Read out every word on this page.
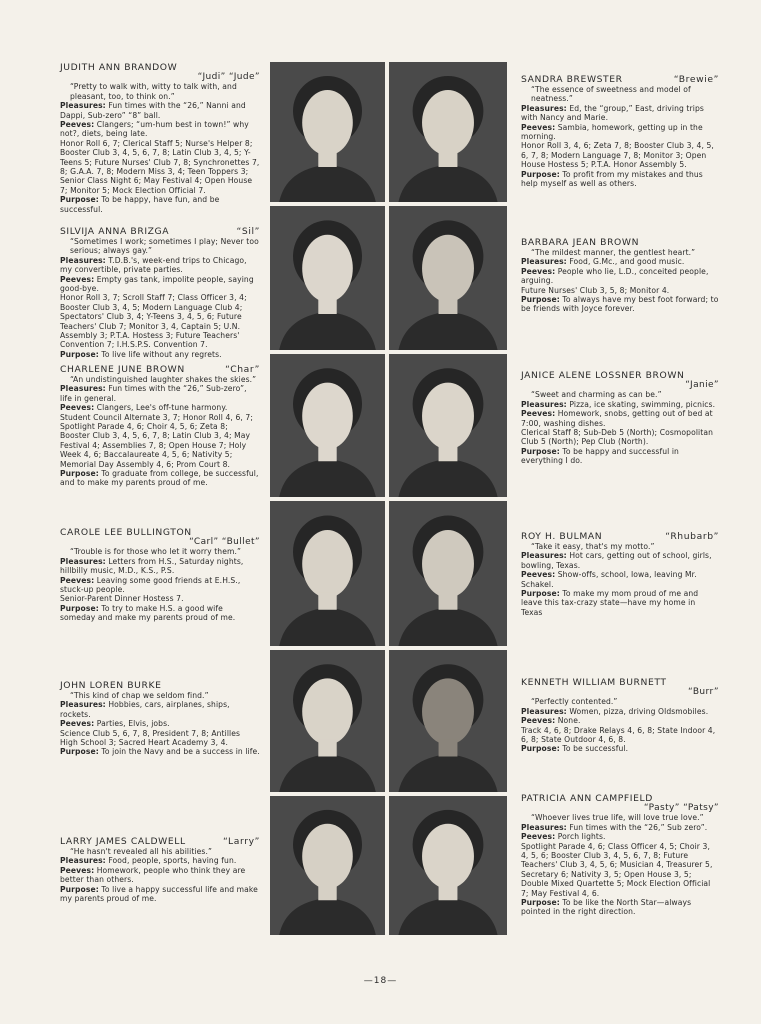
JUDITH ANN BRANDOW
“Judi” “Jude”
“Pretty to walk with, witty to talk with, and pleasant, too, to think on.”
Pleasures: Fun times with the “26,” Nanni and Dappi, Sub-zero” “8” ball.
Peeves: Clangers; “um-hum best in town!” why not?, diets, being late.
Honor Roll 6, 7; Clerical Staff 5; Nurse's Helper 8; Booster Club 3, 4, 5, 6, 7, 8; Latin Club 3, 4, 5; Y-Teens 5; Future Nurses' Club 7, 8; Synchronettes 7, 8; G.A.A. 7, 8; Modern Miss 3, 4; Teen Toppers 3; Senior Class Night 6; May Festival 4; Open House 7; Monitor 5; Mock Election Official 7.
Purpose: To be happy, have fun, and be successful.
SILVIJA ANNA BRIZGA	“Sil”
“Sometimes I work; sometimes I play; Never too serious; always gay.”
Pleasures: T.D.B.'s, week-end trips to Chicago, my convertible, private parties.
Peeves: Empty gas tank, impolite people, saying good-bye.
Honor Roll 3, 7; Scroll Staff 7; Class Officer 3, 4; Booster Club 3, 4, 5; Modern Language Club 4; Spectators' Club 3, 4; Y-Teens 3, 4, 5, 6; Future Teachers' Club 7; Monitor 3, 4, Captain 5; U.N. Assembly 3; P.T.A. Hostess 3; Future Teachers' Convention 7; I.H.S.P.S. Convention 7.
Purpose: To live life without any regrets.
CHARLENE JUNE BROWN	“Char”
“An undistinguished laughter shakes the skies.”
Pleasures: Fun times with the “26,” Sub-zero”, life in general.
Peeves: Clangers, Lee's off-tune harmony.
Student Council Alternate 3, 7; Honor Roll 4, 6, 7; Spotlight Parade 4, 6; Choir 4, 5, 6; Zeta 8; Booster Club 3, 4, 5, 6, 7, 8; Latin Club 3, 4; May Festival 4; Assemblies 7, 8; Open House 7; Holy Week 4, 6; Baccalaureate 4, 5, 6; Nativity 5; Memorial Day Assembly 4, 6; Prom Court 8.
Purpose: To graduate from college, be successful, and to make my parents proud of me.
CAROLE LEE BULLINGTON
“Carl” “Bullet”
“Trouble is for those who let it worry them.”
Pleasures: Letters from H.S., Saturday nights, hillbilly music, M.D., K.S., P.S.
Peeves: Leaving some good friends at E.H.S., stuck-up people.
Senior-Parent Dinner Hostess 7.
Purpose: To try to make H.S. a good wife someday and make my parents proud of me.
JOHN LOREN BURKE
“This kind of chap we seldom find.”
Pleasures: Hobbies, cars, airplanes, ships, rockets.
Peeves: Parties, Elvis, jobs.
Science Club 5, 6, 7, 8, President 7, 8; Antilles High School 3; Sacred Heart Academy 3, 4.
Purpose: To join the Navy and be a success in life.
LARRY JAMES CALDWELL	“Larry”
“He hasn't revealed all his abilities.”
Pleasures: Food, people, sports, having fun.
Peeves: Homework, people who think they are better than others.
Purpose: To live a happy successful life and make my parents proud of me.
SANDRA BREWSTER	“Brewie”
“The essence of sweetness and model of neatness.”
Pleasures: Ed, the “group,” East, driving trips with Nancy and Marie.
Peeves: Sambia, homework, getting up in the morning.
Honor Roll 3, 4, 6; Zeta 7, 8; Booster Club 3, 4, 5, 6, 7, 8; Modern Language 7, 8; Monitor 3; Open House Hostess 5; P.T.A. Honor Assembly 5.
Purpose: To profit from my mistakes and thus help myself as well as others.
BARBARA JEAN BROWN
“The mildest manner, the gentlest heart.”
Pleasures: Food, G.Mc., and good music.
Peeves: People who lie, L.D., conceited people, arguing.
Future Nurses' Club 3, 5, 8; Monitor 4.
Purpose: To always have my best foot forward; to be friends with Joyce forever.
JANICE ALENE LOSSNER BROWN
“Janie”
“Sweet and charming as can be.”
Pleasures: Pizza, ice skating, swimming, picnics.
Peeves: Homework, snobs, getting out of bed at 7:00, washing dishes.
Clerical Staff 8; Sub-Deb 5 (North); Cosmopolitan Club 5 (North); Pep Club (North).
Purpose: To be happy and successful in everything I do.
ROY H. BULMAN	“Rhubarb”
“Take it easy, that's my motto.”
Pleasures: Hot cars, getting out of school, girls, bowling, Texas.
Peeves: Show-offs, school, Iowa, leaving Mr. Schakel.
Purpose: To make my mom proud of me and leave this tax-crazy state—have my home in Texas
KENNETH WILLIAM BURNETT
“Burr”
“Perfectly contented.”
Pleasures: Women, pizza, driving Oldsmobiles.
Peeves: None.
Track 4, 6, 8; Drake Relays 4, 6, 8; State Indoor 4, 6, 8; State Outdoor 4, 6, 8.
Purpose: To be successful.
PATRICIA ANN CAMPFIELD
“Pasty” “Patsy”
“Whoever lives true life, will love true love.”
Pleasures: Fun times with the “26,” Sub zero”.
Peeves: Porch lights.
Spotlight Parade 4, 6; Class Officer 4, 5; Choir 3, 4, 5, 6; Booster Club 3, 4, 5, 6, 7, 8; Future Teachers' Club 3, 4, 5, 6; Musician 4, Treasurer 5, Secretary 6; Nativity 3, 5; Open House 3, 5; Double Mixed Quartette 5; Mock Election Official 7; May Festival 4, 6.
Purpose: To be like the North Star—always pointed in the right direction.
—18—
